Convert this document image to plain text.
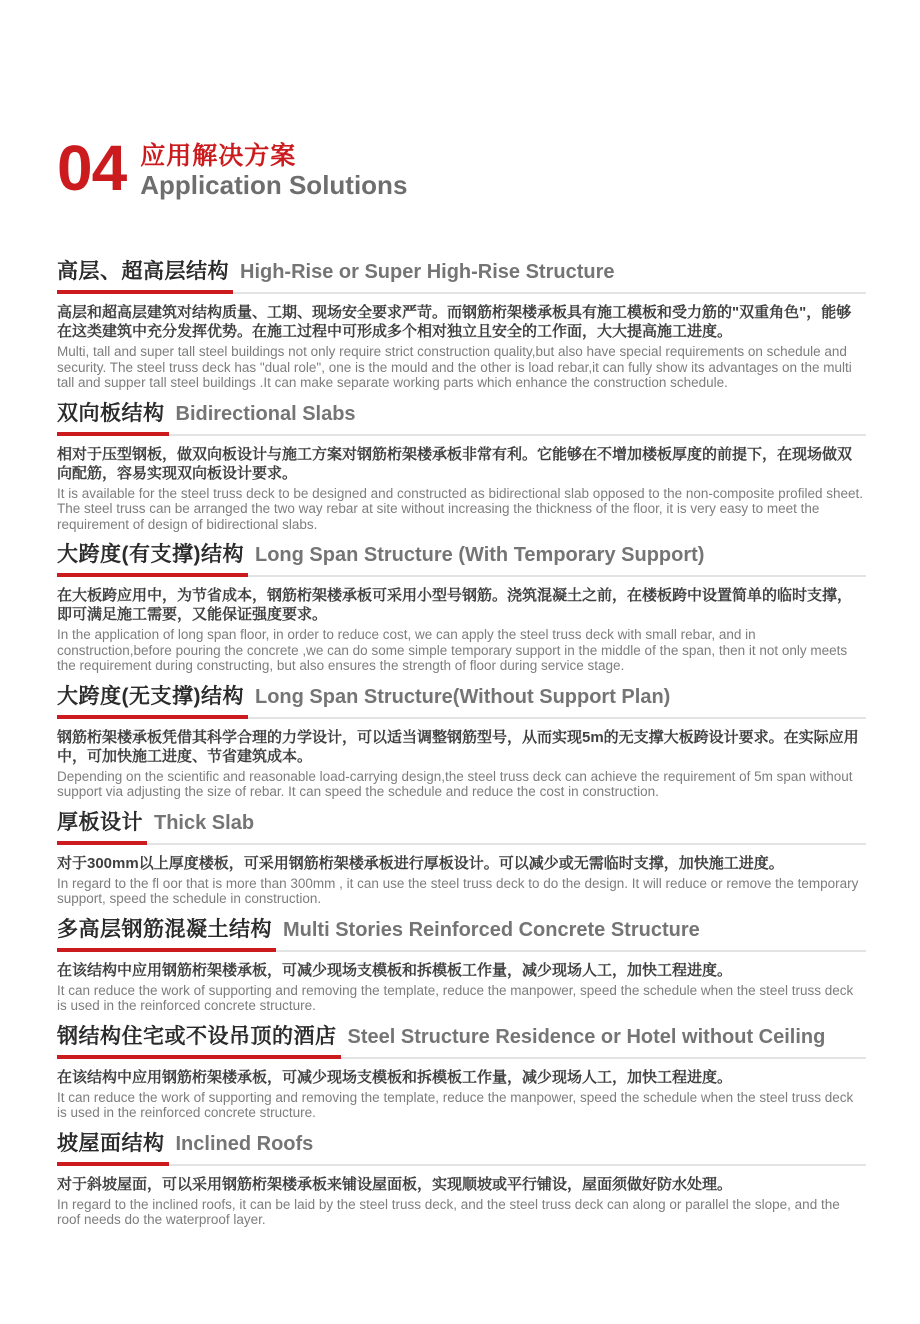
04 应用解决方案
Application Solutions
高层、超高层结构 High-Rise or Super High-Rise Structure

高层和超高层建筑对结构质量、工期、现场安全要求严苛。而钢筋桁架楼承板具有施工模板和受力筋的"双重角色"，能够在这类建筑中充分发挥优势。在施工过程中可形成多个相对独立且安全的工作面，大大提高施工进度。

Multi, tall and super tall steel buildings not only require strict construction quality,but also have special requirements on schedule and security. The steel truss deck has "dual role", one is the mould and the other is load rebar,it can fully show its advantages on the multi tall and supper tall steel buildings .It can make separate working parts which enhance the construction schedule.

双向板结构 Bidirectional Slabs

相对于压型钢板，做双向板设计与施工方案对钢筋桁架楼承板非常有利。它能够在不增加楼板厚度的前提下，在现场做双向配筋，容易实现双向板设计要求。

It is available for the steel truss deck to be designed and constructed as bidirectional slab opposed to the non-composite profiled sheet. The steel truss can be arranged the two way rebar at site without increasing the thickness of the floor, it is very easy to meet the requirement of design of bidirectional slabs.

大跨度(有支撑)结构 Long Span Structure (With Temporary Support)

在大板跨应用中，为节省成本，钢筋桁架楼承板可采用小型号钢筋。浇筑混凝土之前，在楼板跨中设置简单的临时支撑，即可满足施工需要，又能保证强度要求。

In the application of long span floor, in order to reduce cost, we can apply the steel truss deck with small rebar, and in construction,before pouring the concrete ,we can do some simple temporary support in the middle of the span, then it not only meets the requirement during constructing, but also ensures the strength of floor during service stage.

大跨度(无支撑)结构 Long Span Structure(Without Support Plan)

钢筋桁架楼承板凭借其科学合理的力学设计，可以适当调整钢筋型号，从而实现5m的无支撑大板跨设计要求。在实际应用中，可加快施工进度、节省建筑成本。

Depending on the scientific and reasonable load-carrying design,the steel truss deck can achieve the requirement of 5m span without support via adjusting the size of rebar. It can speed the schedule and reduce the cost in construction.

厚板设计 Thick Slab

对于300mm以上厚度楼板，可采用钢筋桁架楼承板进行厚板设计。可以减少或无需临时支撑，加快施工进度。

In regard to the fl oor that is more than 300mm , it can use the steel truss deck to do the design. It will reduce or remove the temporary support, speed the schedule in construction.

多高层钢筋混凝土结构 Multi Stories Reinforced Concrete Structure

在该结构中应用钢筋桁架楼承板，可减少现场支模板和拆模板工作量，减少现场人工，加快工程进度。

It can reduce the work of supporting and removing the template, reduce the manpower, speed the schedule when the steel truss deck is used in the reinforced concrete structure.

钢结构住宅或不设吊顶的酒店 Steel Structure Residence or Hotel without Ceiling

在该结构中应用钢筋桁架楼承板，可减少现场支模板和拆模板工作量，减少现场人工，加快工程进度。

It can reduce the work of supporting and removing the template, reduce the manpower, speed the schedule when the steel truss deck is used in the reinforced concrete structure.

坡屋面结构 Inclined Roofs

对于斜坡屋面，可以采用钢筋桁架楼承板来铺设屋面板，实现顺坡或平行铺设，屋面须做好防水处理。

In regard to the inclined roofs, it can be laid by the steel truss deck, and the steel truss deck can along or parallel the slope, and the roof needs do the waterproof layer.
